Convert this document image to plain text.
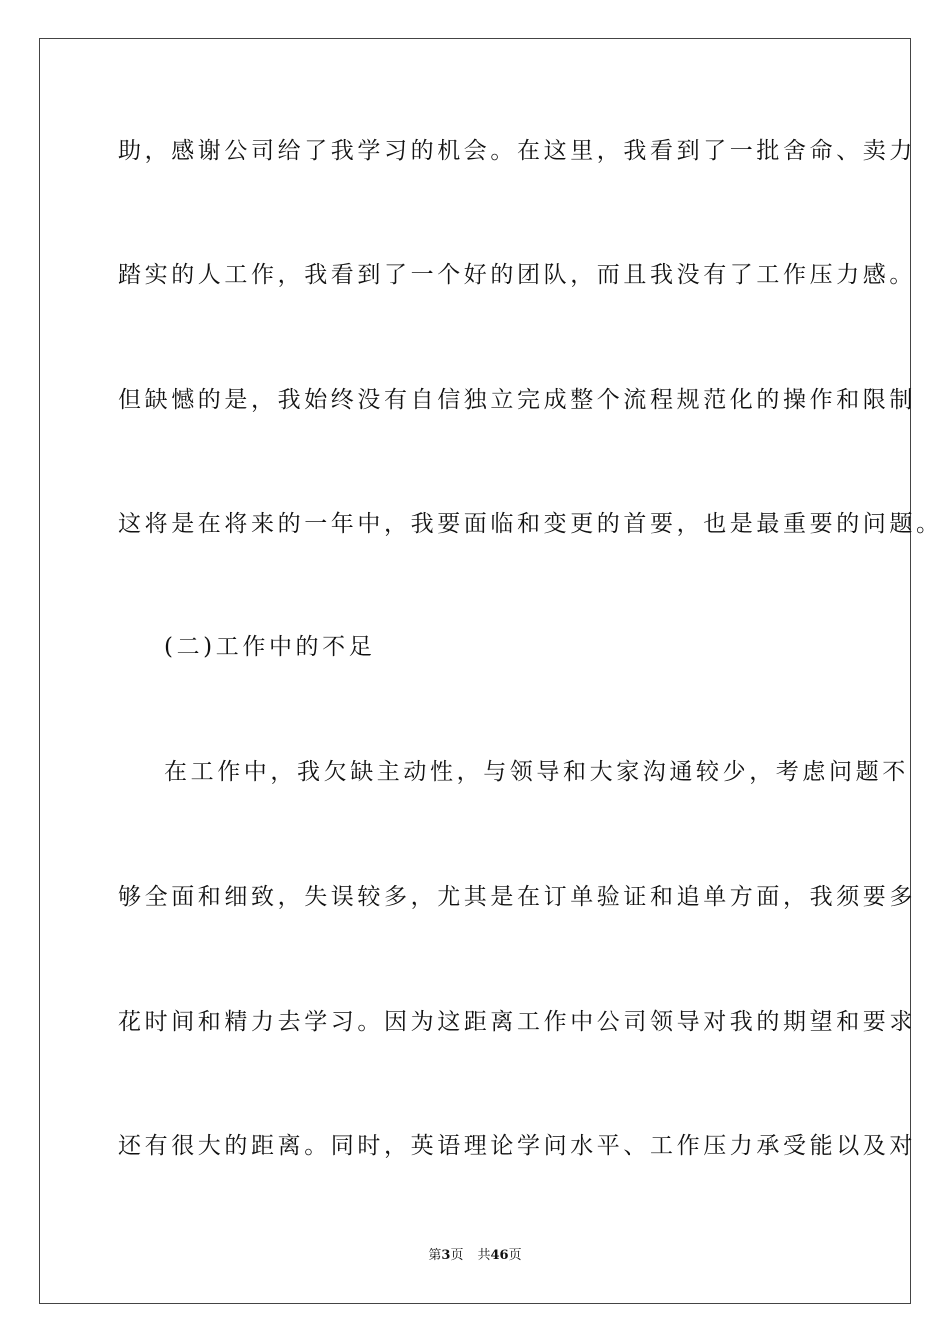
助，感谢公司给了我学习的机会。在这里，我看到了一批舍命、卖力
踏实的人工作，我看到了一个好的团队，而且我没有了工作压力感。
但缺憾的是，我始终没有自信独立完成整个流程规范化的操作和限制
这将是在将来的一年中，我要面临和变更的首要，也是最重要的问题。
(二)工作中的不足
在工作中，我欠缺主动性，与领导和大家沟通较少，考虑问题不
够全面和细致，失误较多，尤其是在订单验证和追单方面，我须要多
花时间和精力去学习。因为这距离工作中公司领导对我的期望和要求
还有很大的距离。同时，英语理论学问水平、工作压力承受能以及对
第3页 共46页
